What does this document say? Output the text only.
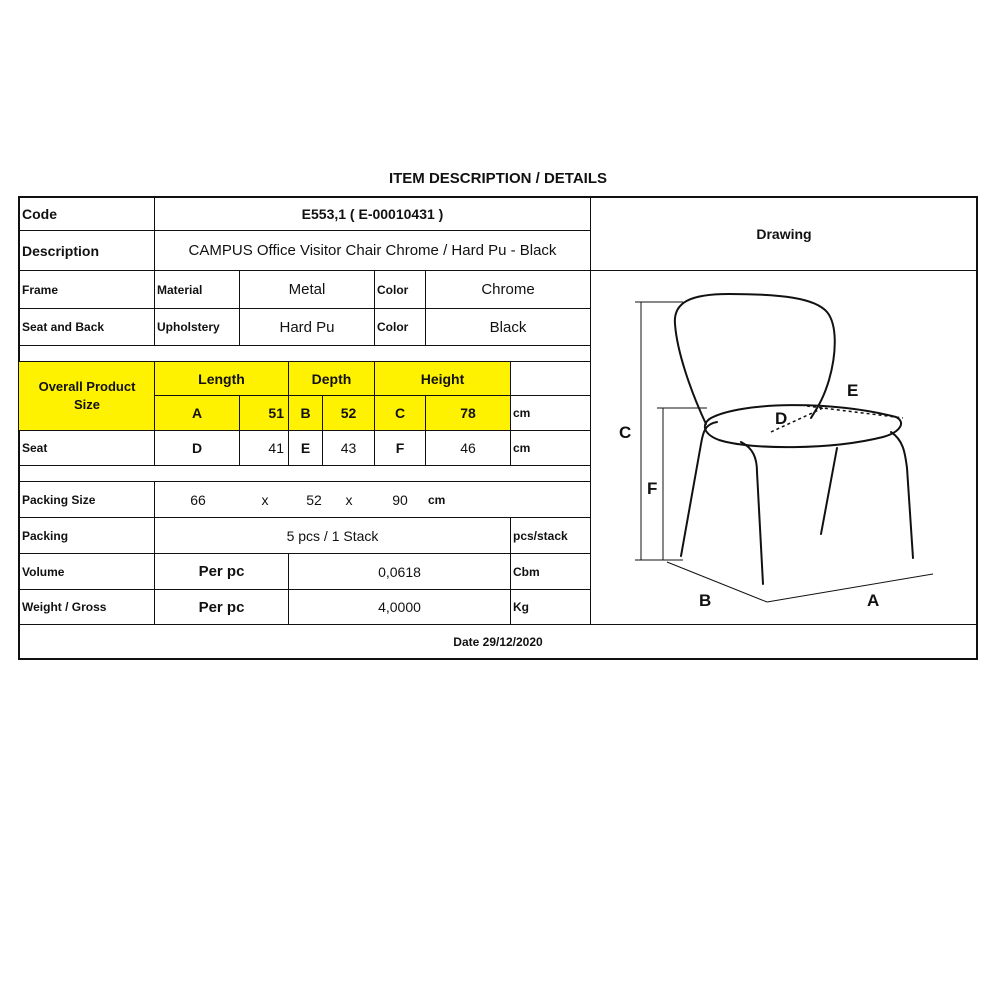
ITEM DESCRIPTION / DETAILS
Code	E553,1 ( E-00010431 )
Description	CAMPUS Office Visitor Chair Chrome / Hard Pu - Black
Drawing
Frame	Material	Metal	Color	Chrome
Seat and Back	Upholstery	Hard Pu	Color	Black
Overall Product Size
Length	Depth	Height
A	51	B	52	C	78	cm
Seat	D	41	E	43	F	46	cm
Packing Size	66	x	52	x	90	cm
Packing	5 pcs / 1 Stack	pcs/stack
Volume	Per pc	0,0618	Cbm
Weight / Gross	Per pc	4,0000	Kg
Date 29/12/2020
C
F
D
E
B	A
